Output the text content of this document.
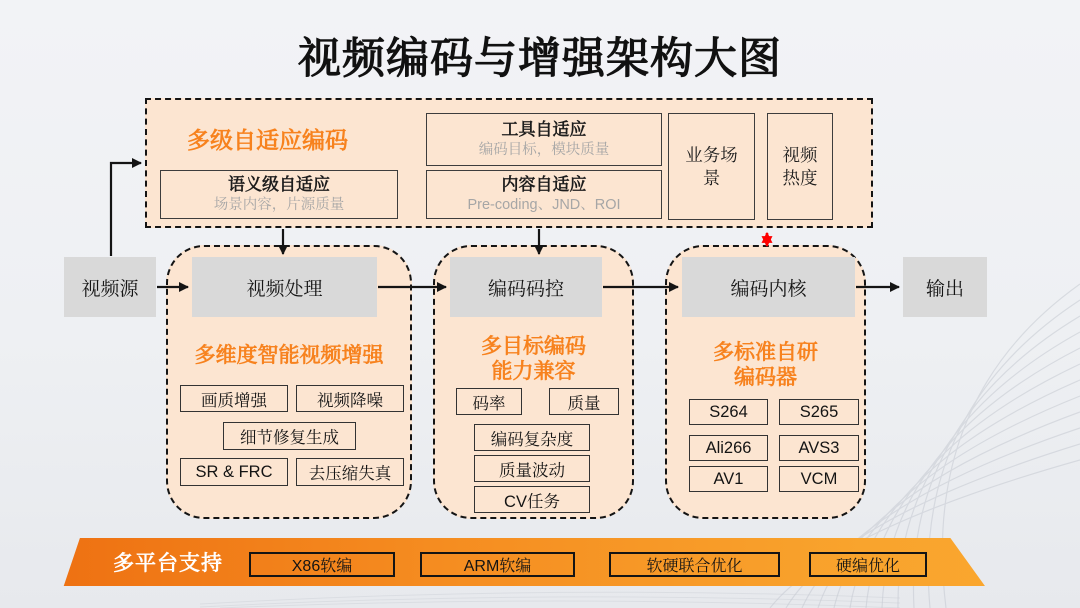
视频编码与增强架构大图
多级自适应编码
语义级自适应
场景内容，片源质量
工具自适应
编码目标，模块质量
内容自适应
Pre-coding、JND、ROI
业务场景
视频热度
多维度智能视频增强
画质增强	视频降噪
细节修复生成
SR & FRC	去压缩失真
多目标编码
能力兼容
码率	质量
编码复杂度
质量波动
CV任务
多标准自研
编码器
S264	S265
Ali266	AVS3
AV1	VCM
视频源	视频处理	编码码控	编码内核	输出
多平台支持	X86软编	ARM软编	软硬联合优化	硬编优化
